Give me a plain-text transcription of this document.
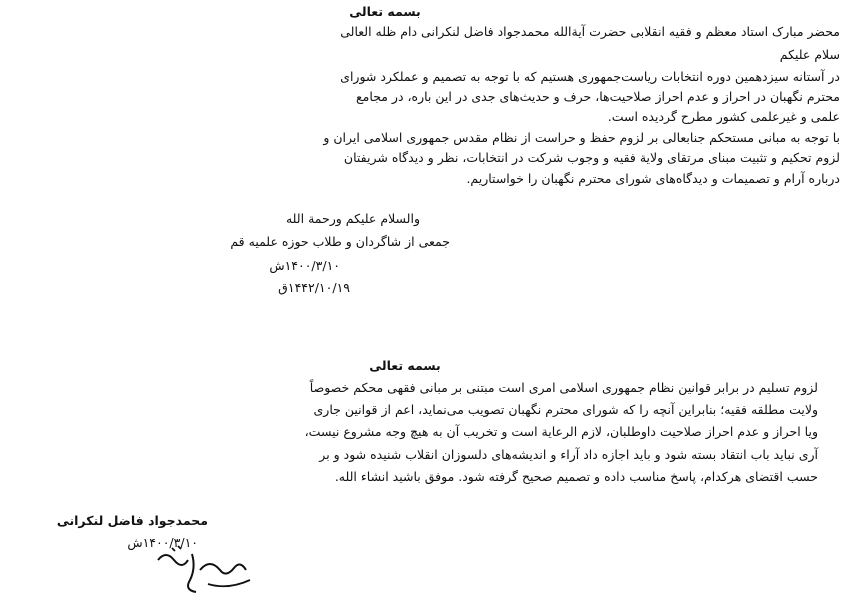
بسمه تعالی
محضر مبارک استاد معظم و فقیه انقلابی حضرت آیةالله محمدجواد فاضل لنکرانی دام ظله العالی
سلام علیکم
در آستانه سیزدهمین دوره انتخابات ریاست‌جمهوری هستیم که با توجه به تصمیم و عملکرد شورای
محترم نگهبان در احراز و عدم احراز صلاحیت‌ها، حرف و حدیث‌های جدی در این باره، در مجامع
علمی و غیرعلمی کشور مطرح گردیده است.
با توجه به مبانی مستحکم جنابعالی بر لزوم حفظ و حراست از نظام مقدس جمهوری اسلامی ایران و
لزوم تحکیم و تثبیت مبنای مرتقای ولایة فقیه و وجوب شرکت در انتخابات، نظر و دیدگاه شریفتان
درباره آرام و تصمیمات و دیدگاه‌های شورای محترم نگهبان را خواستاریم.
والسلام علیکم ورحمة الله
جمعی از شاگردان و طلاب حوزه علمیه قم
۱۴۰۰/۳/۱۰ش
۱۴۴۲/۱۰/۱۹ق
بسمه تعالی
لزوم تسلیم در برابر قوانین نظام جمهوری اسلامی امری است مبتنی بر مبانی فقهی محکم خصوصاً
ولایت مطلقه فقیه؛ بنابراین آنچه را که شورای محترم نگهبان تصویب می‌نماید، اعم از قوانین جاری
ویا احراز و عدم احراز صلاحیت داوطلبان، لازم الرعایة است و تخریب آن به هیچ وجه مشروع نیست،
آری نباید باب انتقاد بسته شود و باید اجازه داد آراء و اندیشه‌های دلسوزان انقلاب شنیده شود و بر
حسب اقتضای هرکدام، پاسخ مناسب داده و تصمیم صحیح گرفته شود. موفق باشید انشاء الله.
محمدجواد فاضل لنکرانی
۱۴۰۰/۳/۱۰ش
